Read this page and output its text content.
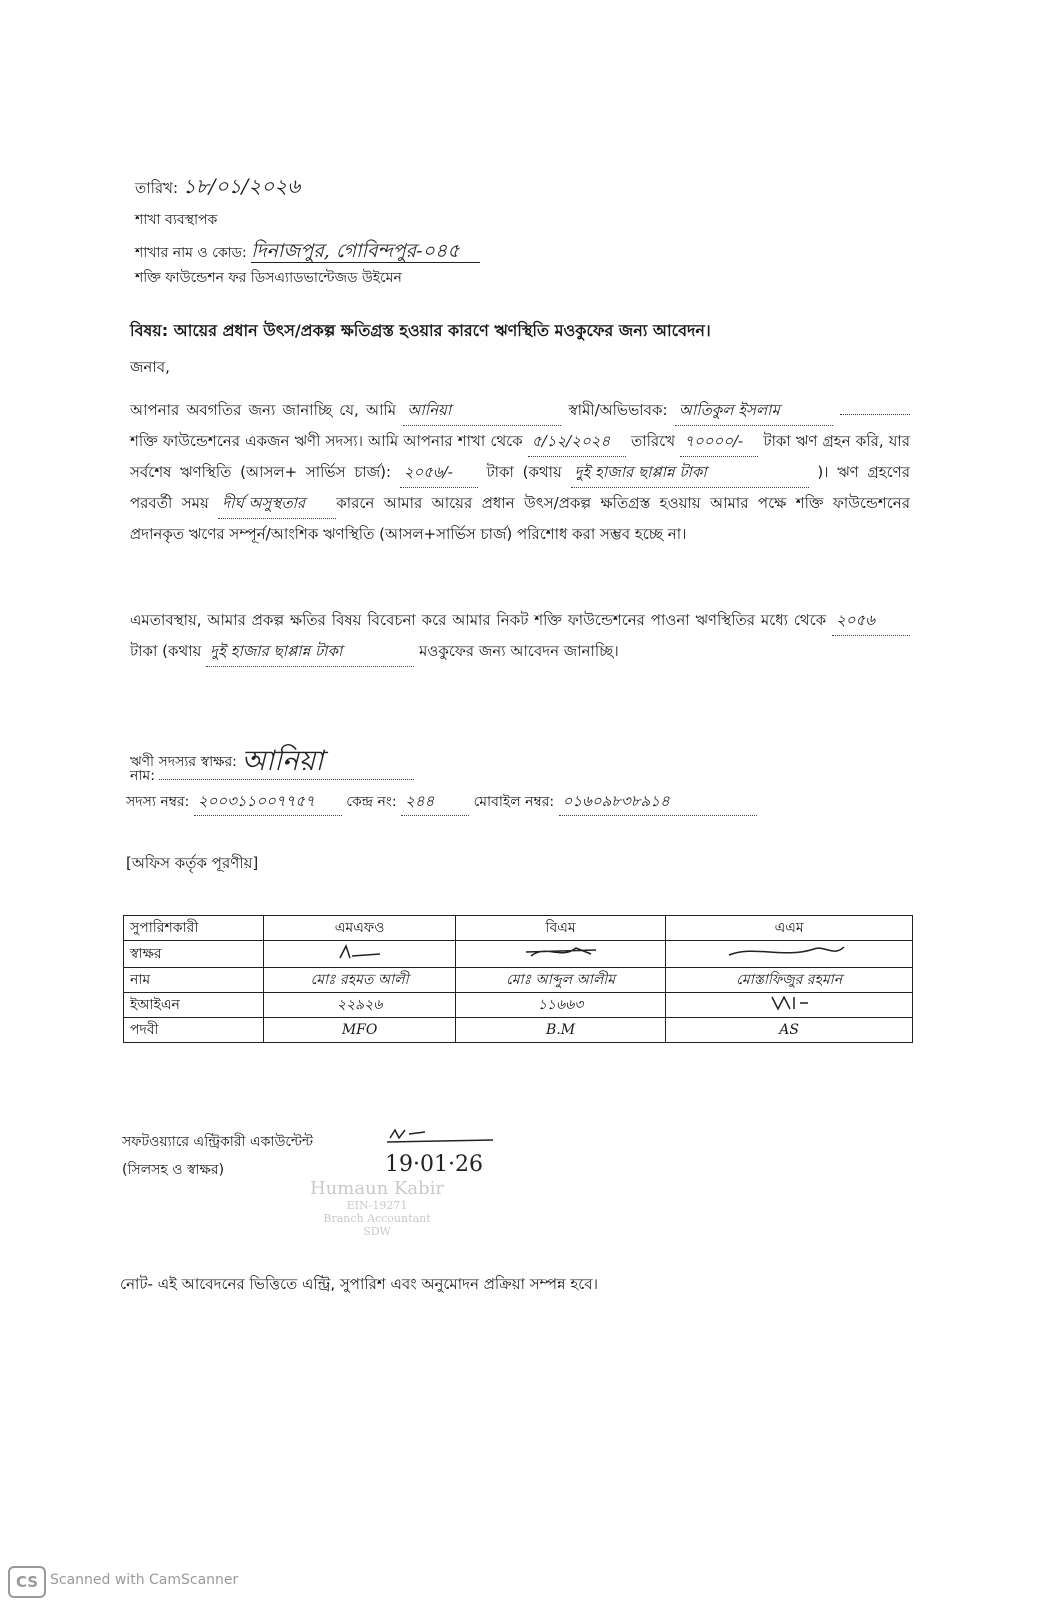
তারিখ: ১৮/০১/২০২৬
শাখা ব্যবস্থাপক
শাখার নাম ও কোড: দিনাজপুর, গোবিন্দপুর-০৪৫
শক্তি ফাউন্ডেশন ফর ডিসএ্যাডভান্টেজড উইমেন
বিষয়: আয়ের প্রধান উৎস/প্রকল্প ক্ষতিগ্রস্ত হওয়ার কারণে ঋণস্থিতি মওকুফের জন্য আবেদন।
জনাব,
আপনার অবগতির জন্য জানাচ্ছি যে, আমি আনিয়া	স্বামী/অভিভাবক: আতিকুল ইসলাম  শক্তি ফাউন্ডেশনের একজন ঋণী সদস্য। আমি আপনার শাখা থেকে ৫/১২/২০২৪ তারিখে ৭০০০০/- টাকা ঋণ গ্রহন করি, যার সর্বশেষ ঋণস্থিতি (আসল+ সার্ভিস চার্জ): ২০৫৬/- টাকা (কথায় দুই হাজার ছাপ্পান্ন টাকা	)। ঋণ গ্রহণের পরবর্তী সময় দীর্ঘ অসুস্থতার কারনে আমার আয়ের প্রধান উৎস/প্রকল্প ক্ষতিগ্রস্ত হওয়ায় আমার পক্ষে শক্তি ফাউন্ডেশনের প্রদানকৃত ঋণের সম্পূর্ন/আংশিক ঋণস্থিতি (আসল+সার্ভিস চার্জ) পরিশোধ করা সম্ভব হচ্ছে না।
এমতাবস্থায়, আমার প্রকল্প ক্ষতির বিষয় বিবেচনা করে আমার নিকট শক্তি ফাউন্ডেশনের পাওনা ঋণস্থিতির মধ্যে থেকে ২০৫৬ টাকা (কথায় দুই হাজার ছাপ্পান্ন টাকা	মওকুফের জন্য আবেদন জানাচ্ছি।
ঋণী সদস্যর স্বাক্ষর: আনিয়া
নাম:
সদস্য নম্বর: ২০০৩১১০০৭৭৫৭ কেন্দ্র নং: ২৪৪	মোবাইল নম্বর: ০১৬০৯৮৩৮৯১৪
[অফিস কর্তৃক পূরণীয়]
সুপারিশকারী	এমএফও	বিএম	এএম
স্বাক্ষর			
নাম	মোঃ রহমত আলী	মোঃ আব্দুল আলীম	মোস্তাফিজুর রহমান
ইআইএন	২২৯২৬	১১৬৬৩	
পদবী	MFO	B.M	AS
সফটওয়্যারে এন্ট্রিকারী একাউন্টেন্ট
(সিলসহ ও স্বাক্ষর)	19·01·26
Humaun Kabir
EIN-19271
Branch Accountant
SDW
নোট- এই আবেদনের ভিত্তিতে এন্ট্রি, সুপারিশ এবং অনুমোদন প্রক্রিয়া সম্পন্ন হবে।
CS Scanned with CamScanner
